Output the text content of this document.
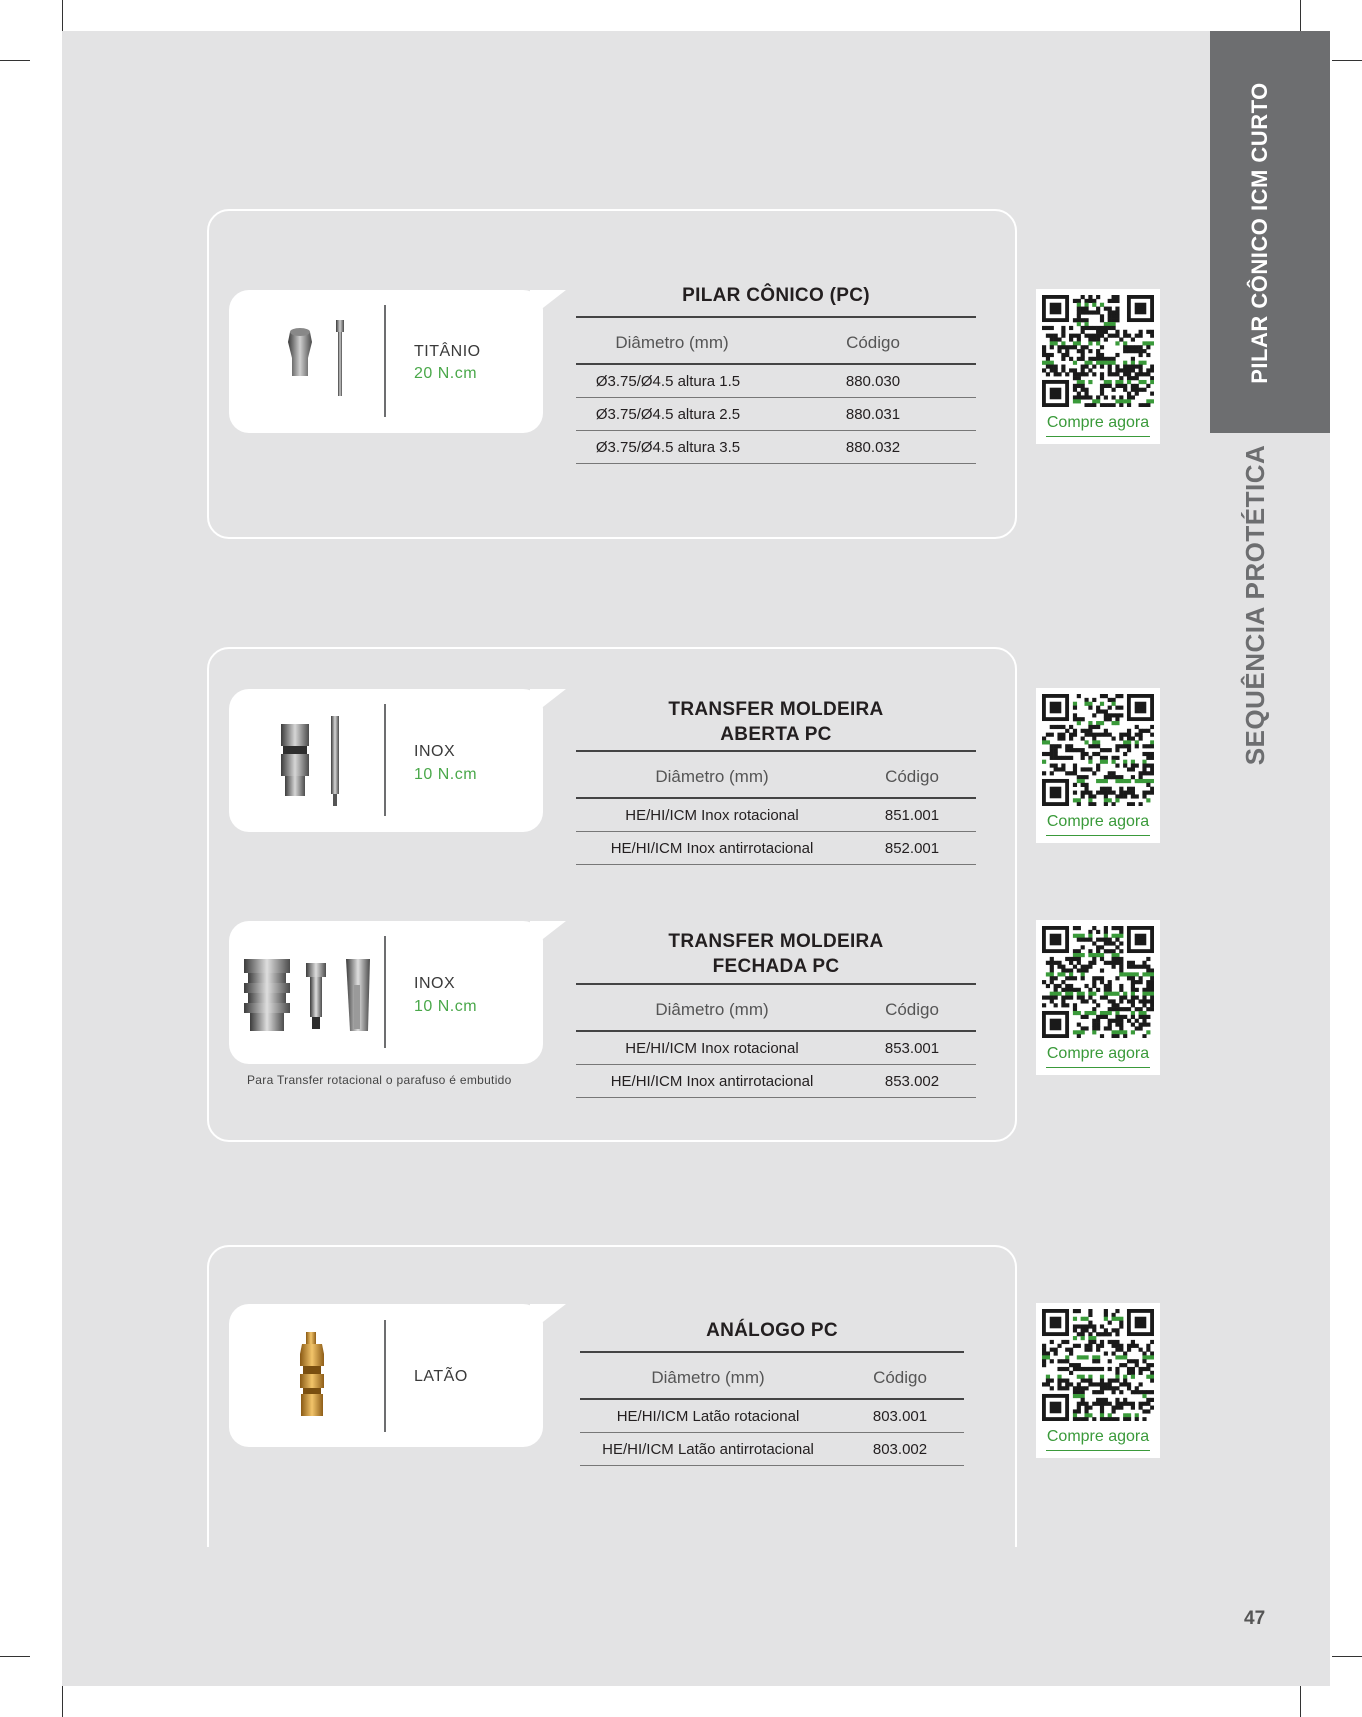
PILAR CÔNICO ICM CURTO
SEQUÊNCIA PROTÉTICA
47
TITÂNIO
20 N.cm
PILAR CÔNICO (PC)
Diâmetro (mm)	Código
Ø3.75/Ø4.5 altura 1.5	880.030
Ø3.75/Ø4.5 altura 2.5	880.031
Ø3.75/Ø4.5 altura 3.5	880.032
Compre agora
INOX
10 N.cm
TRANSFER MOLDEIRA
ABERTA PC
Diâmetro (mm)	Código
HE/HI/ICM Inox rotacional	851.001
HE/HI/ICM Inox antirrotacional	852.001
Compre agora
INOX
10 N.cm
Para Transfer rotacional o parafuso é embutido
TRANSFER MOLDEIRA
FECHADA PC
Diâmetro (mm)	Código
HE/HI/ICM Inox rotacional	853.001
HE/HI/ICM Inox antirrotacional	853.002
Compre agora
LATÃO
ANÁLOGO PC
Diâmetro (mm)	Código
HE/HI/ICM Latão rotacional	803.001
HE/HI/ICM Latão antirrotacional	803.002
Compre agora
